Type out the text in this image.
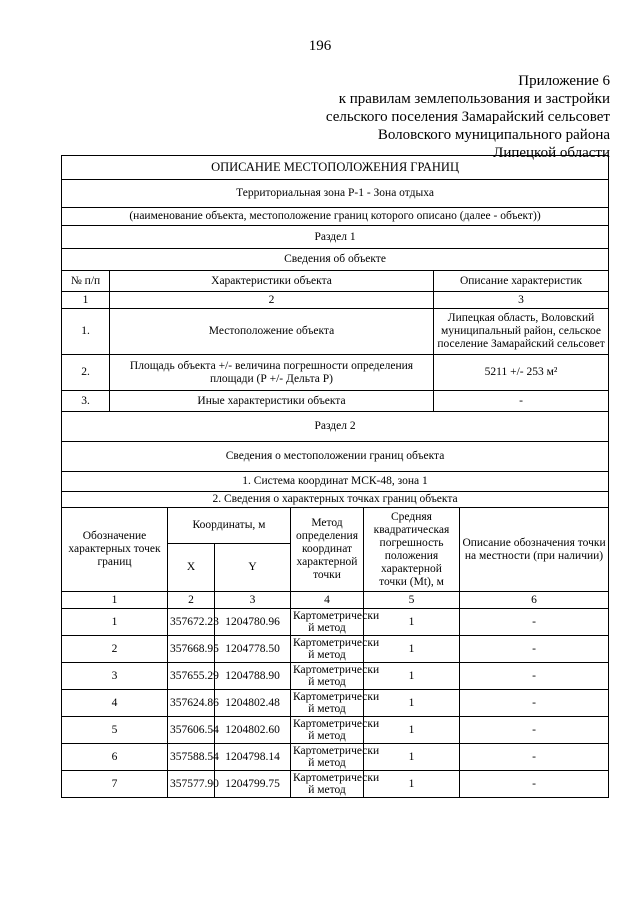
196
Приложение 6
к правилам землепользования и застройки
сельского поселения Замарайский сельсовет
Воловского муниципального района
Липецкой области
ОПИСАНИЕ МЕСТОПОЛОЖЕНИЯ ГРАНИЦ							
Территориальная зона Р-1 - Зона отдыха							
(наименование объекта, местоположение границ которого описано (далее - объект))							
Раздел 1							
Сведения об объекте							
№ п/п	Характеристики объекта					Описание характеристик	
1	2					3	
1.	Местоположение объекта					Липецкая область, Воловский муниципальный район, сельское поселение Замарайский сельсовет	
2.	Площадь объекта +/- величина погрешности определения площади (Р +/- Дельта Р)					5211 +/- 253 м²	
3.	Иные характеристики объекта					-	
Раздел 2							
Сведения о местоположении границ объекта							
1. Система координат МСК-48, зона 1							
2. Сведения о характерных точках границ объекта							
Обозначение характерных точек границ		Координаты, м		Метод определения координат характерной точки	Средняя квадратическая погрешность положения характерной точки (Mt), м		Описание обозначения точки на местности (при наличии)
		X	Y				
1		2	3	4	5		6
1		357672.23	1204780.96	Картометрически й метод	1		-
2		357668.95	1204778.50	Картометрически й метод	1		-
3		357655.29	1204788.90	Картометрически й метод	1		-
4		357624.86	1204802.48	Картометрически й метод	1		-
5		357606.54	1204802.60	Картометрически й метод	1		-
6		357588.54	1204798.14	Картометрически й метод	1		-
7		357577.90	1204799.75	Картометрически й метод	1		-
